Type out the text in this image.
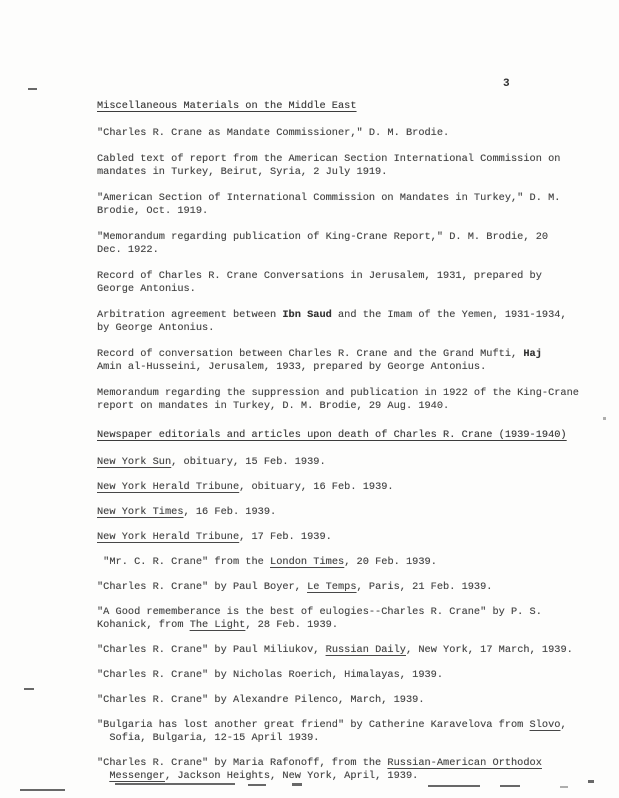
3
Miscellaneous Materials on the Middle East
"Charles R. Crane as Mandate Commissioner," D. M. Brodie.
Cabled text of report from the American Section International Commission on
mandates in Turkey, Beirut, Syria, 2 July 1919.
"American Section of International Commission on Mandates in Turkey," D. M.
Brodie, Oct. 1919.
"Memorandum regarding publication of King-Crane Report," D. M. Brodie, 20
Dec. 1922.
Record of Charles R. Crane Conversations in Jerusalem, 1931, prepared by
George Antonius.
Arbitration agreement between Ibn Saud and the Imam of the Yemen, 1931-1934,
by George Antonius.
Record of conversation between Charles R. Crane and the Grand Mufti, Haj
Amin al-Husseini, Jerusalem, 1933, prepared by George Antonius.
Memorandum regarding the suppression and publication in 1922 of the King-Crane
report on mandates in Turkey, D. M. Brodie, 29 Aug. 1940.
Newspaper editorials and articles upon death of Charles R. Crane (1939-1940)
New York Sun, obituary, 15 Feb. 1939.
New York Herald Tribune, obituary, 16 Feb. 1939.
New York Times, 16 Feb. 1939.
New York Herald Tribune, 17 Feb. 1939.
"Mr. C. R. Crane" from the London Times, 20 Feb. 1939.
"Charles R. Crane" by Paul Boyer, Le Temps, Paris, 21 Feb. 1939.
"A Good rememberance is the best of eulogies--Charles R. Crane" by P. S.
Kohanick, from The Light, 28 Feb. 1939.
"Charles R. Crane" by Paul Miliukov, Russian Daily, New York, 17 March, 1939.
"Charles R. Crane" by Nicholas Roerich, Himalayas, 1939.
"Charles R. Crane" by Alexandre Pilenco, March, 1939.
"Bulgaria has lost another great friend" by Catherine Karavelova from Slovo,
Sofia, Bulgaria, 12-15 April 1939.
"Charles R. Crane" by Maria Rafonoff, from the Russian-American Orthodox
Messenger, Jackson Heights, New York, April, 1939.
